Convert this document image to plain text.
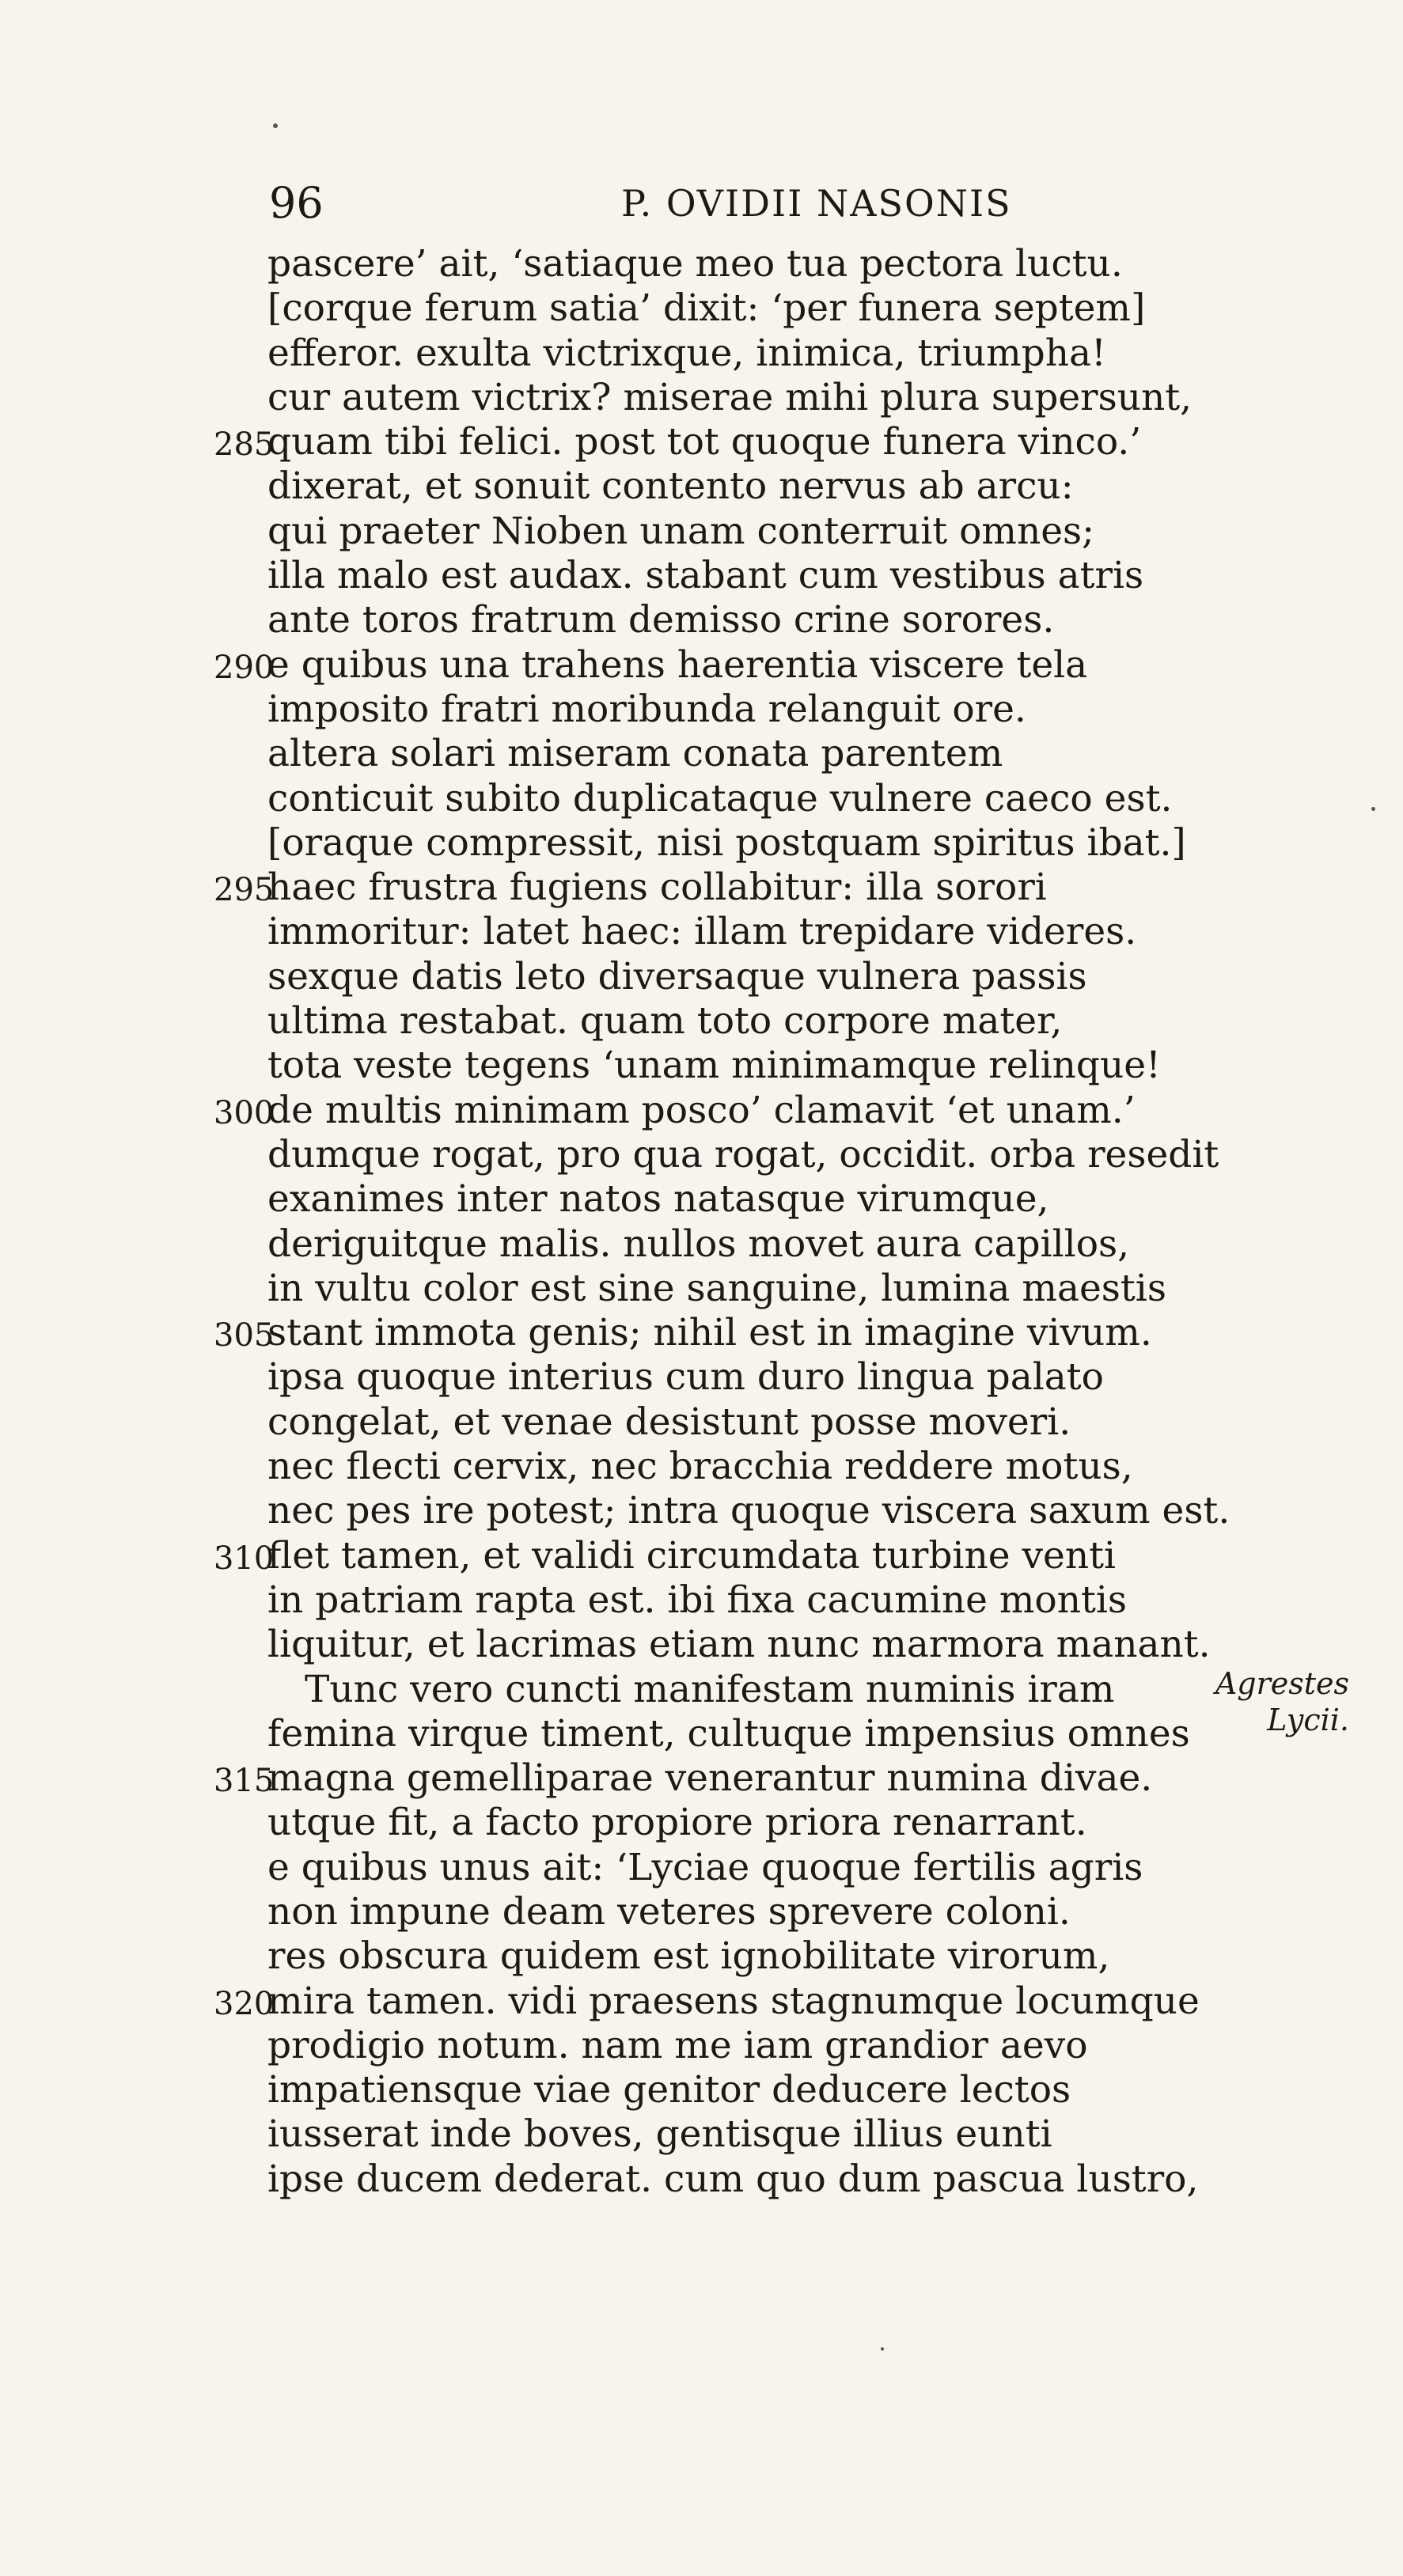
96	P. OVIDII NASONIS
pascere’ ait, ‘satiaque meo tua pectora luctu.
[corque ferum satia’ dixit: ‘per funera septem]
efferor. exulta victrixque, inimica, triumpha!
cur autem victrix? miserae mihi plura supersunt,
285
quam tibi felici. post tot quoque funera vinco.’
dixerat, et sonuit contento nervus ab arcu:
qui praeter Nioben unam conterruit omnes;
illa malo est audax. stabant cum vestibus atris
ante toros fratrum demisso crine sorores.
290
e quibus una trahens haerentia viscere tela
imposito fratri moribunda relanguit ore.
altera solari miseram conata parentem
conticuit subito duplicataque vulnere caeco est.
[oraque compressit, nisi postquam spiritus ibat.]
295
haec frustra fugiens collabitur: illa sorori
immoritur: latet haec: illam trepidare videres.
sexque datis leto diversaque vulnera passis
ultima restabat. quam toto corpore mater,
tota veste tegens ‘unam minimamque relinque!
300
de multis minimam posco’ clamavit ‘et unam.’
dumque rogat, pro qua rogat, occidit. orba resedit
exanimes inter natos natasque virumque,
deriguitque malis. nullos movet aura capillos,
in vultu color est sine sanguine, lumina maestis
305
stant immota genis; nihil est in imagine vivum.
ipsa quoque interius cum duro lingua palato
congelat, et venae desistunt posse moveri.
nec flecti cervix, nec bracchia reddere motus,
nec pes ire potest; intra quoque viscera saxum est.
310
flet tamen, et validi circumdata turbine venti
in patriam rapta est. ibi fixa cacumine montis
liquitur, et lacrimas etiam nunc marmora manant.
Tunc vero cuncti manifestam numinis iram
femina virque timent, cultuque impensius omnes
315
magna gemelliparae venerantur numina divae.
utque fit, a facto propiore priora renarrant.
e quibus unus ait: ‘Lyciae quoque fertilis agris
non impune deam veteres sprevere coloni.
res obscura quidem est ignobilitate virorum,
320
mira tamen. vidi praesens stagnumque locumque
prodigio notum. nam me iam grandior aevo
impatiensque viae genitor deducere lectos
iusserat inde boves, gentisque illius eunti
ipse ducem dederat. cum quo dum pascua lustro,
Agrestes
Lycii.
